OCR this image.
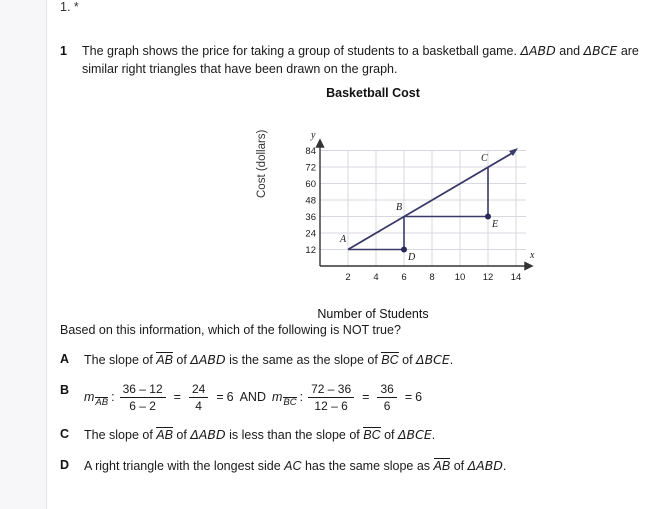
1. *
1	The graph shows the price for taking a group of students to a basketball game. ΔABD and ΔBCE are similar right triangles that have been drawn on the graph.
Basketball Cost
Cost (dollars)
Number of Students
A
B
D
E
C
y
x
12
24
36
48
60
72
84
2 4 6 8 10 12 14
Based on this information, which of the following is NOT true?
A	The slope of AB of ΔABD is the same as the slope of BC of ΔBCE.
B	m AB : $\frac{36 - 12}{6 - 2} = \frac{24}{4} = 6$ AND m BC : $\frac{72 - 36}{12 - 6} = \frac{36}{6} = 6$
C	The slope of AB of ΔABD is less than the slope of BC of ΔBCE.
D	A right triangle with the longest side AC has the same slope as AB of ΔABD.
